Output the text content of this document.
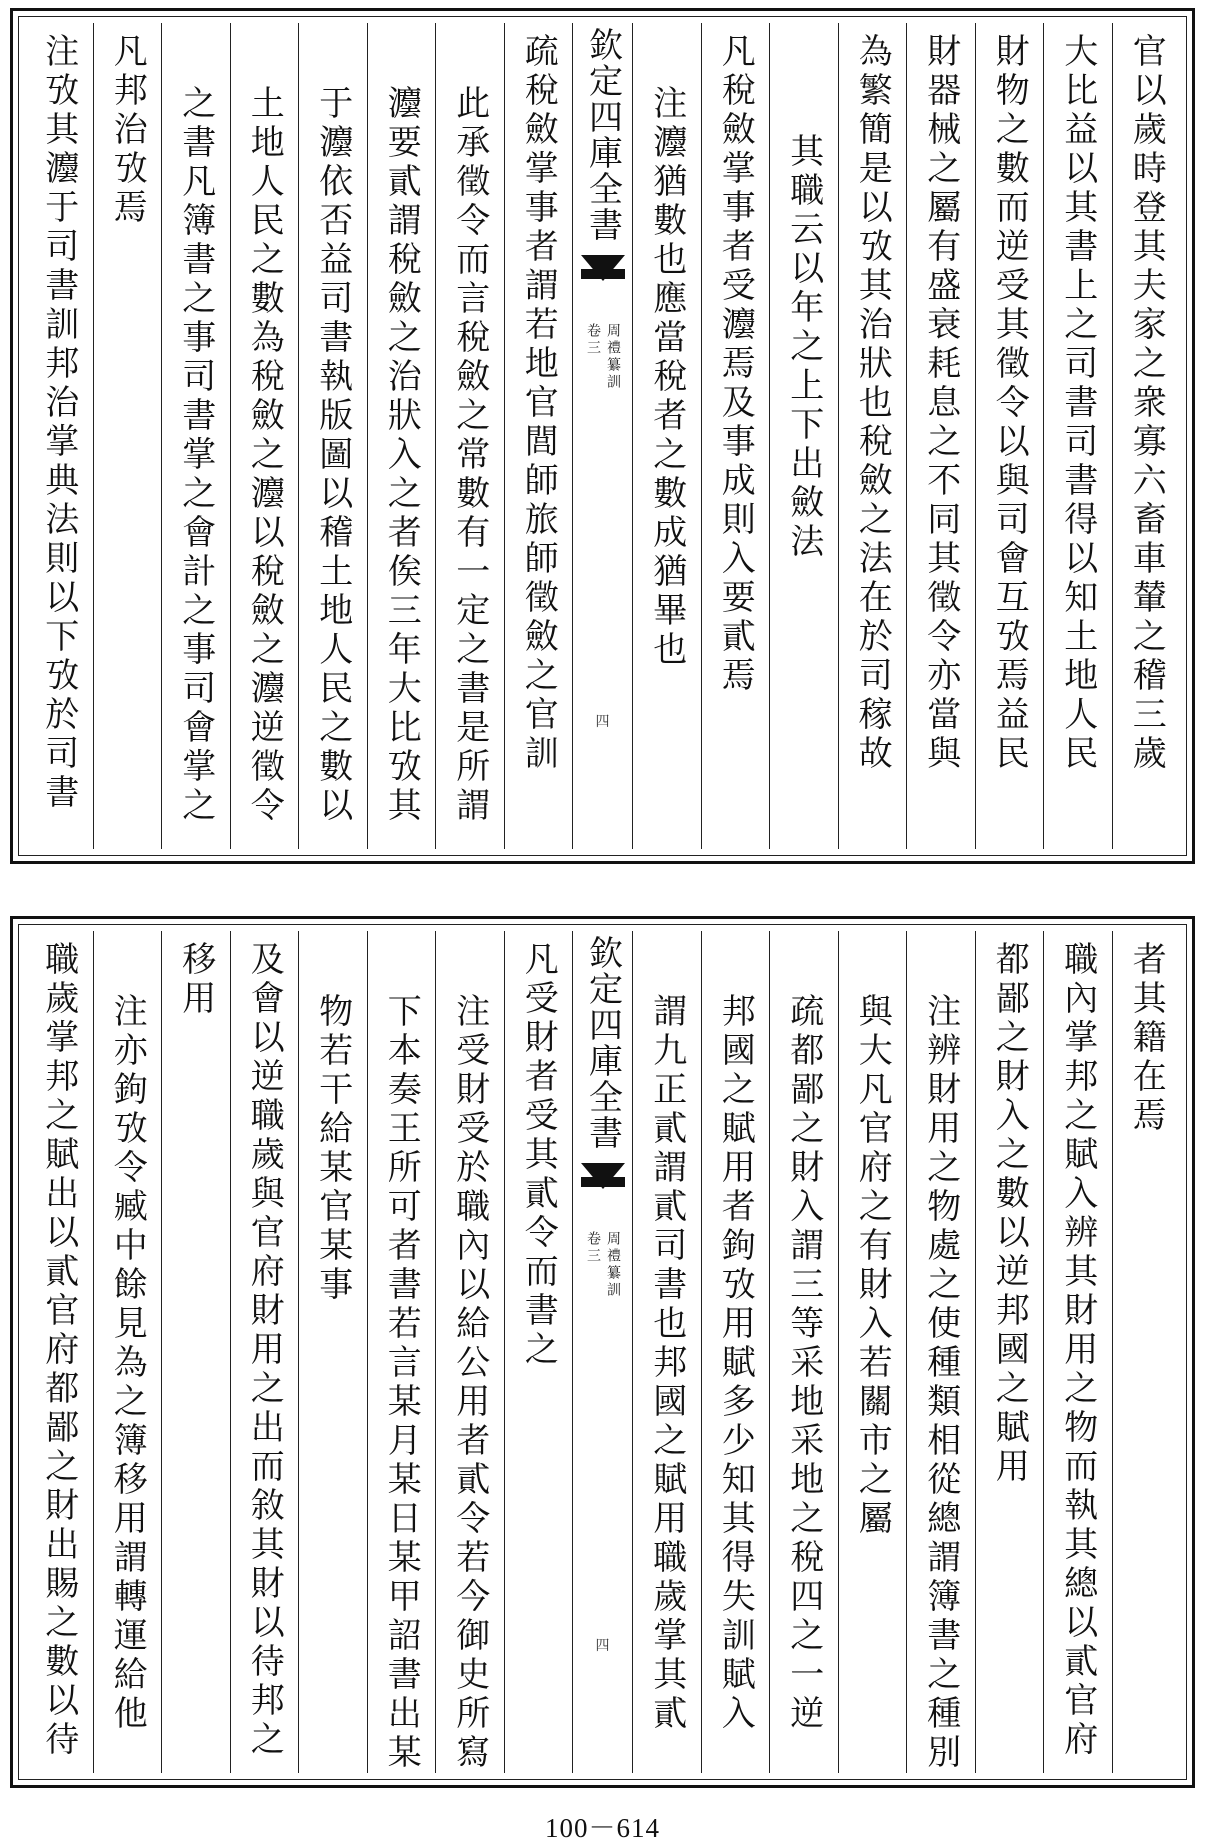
官以歲時登其夫家之衆寡六畜車輦之稽三歲
大比益以其書上之司書司書得以知土地人民
財物之數而逆受其徵令以與司會互攷焉益民
財器械之屬有盛衰耗息之不同其徵令亦當與
為繁簡是以攷其治狀也稅斂之法在於司稼故
其職云以年之上下出斂法
凡稅斂掌事者受灋焉及事成則入要貳焉
注灋猶數也應當稅者之數成猶畢也
欽定四庫全書
周禮纂訓
卷三
四
疏稅斂掌事者謂若地官閭師旅師徵斂之官訓
此承徵令而言稅斂之常數有一定之書是所謂
灋要貳謂稅斂之治狀入之者俟三年大比攷其
于灋依否益司書執版圖以稽土地人民之數以
土地人民之數為稅斂之灋以稅斂之灋逆徵令
之書凡簿書之事司書掌之會計之事司會掌之
凡邦治攷焉
注攷其灋于司書訓邦治掌典法則以下攷於司書
者其籍在焉
職內掌邦之賦入辨其財用之物而執其總以貳官府
都鄙之財入之數以逆邦國之賦用
注辨財用之物處之使種類相從總謂簿書之種別
與大凡官府之有財入若關市之屬
疏都鄙之財入謂三等采地采地之稅四之一逆
邦國之賦用者鉤攷用賦多少知其得失訓賦入
謂九正貳謂貳司書也邦國之賦用職歲掌其貳
欽定四庫全書
周禮纂訓
卷三
四
凡受財者受其貳令而書之
注受財受於職內以給公用者貳令若今御史所寫
下本奏王所可者書若言某月某日某甲詔書出某
物若干給某官某事
及會以逆職歲與官府財用之出而敘其財以待邦之
移用
注亦鉤攷令臧中餘見為之簿移用謂轉運給他
職歲掌邦之賦出以貳官府都鄙之財出賜之數以待
100－614
